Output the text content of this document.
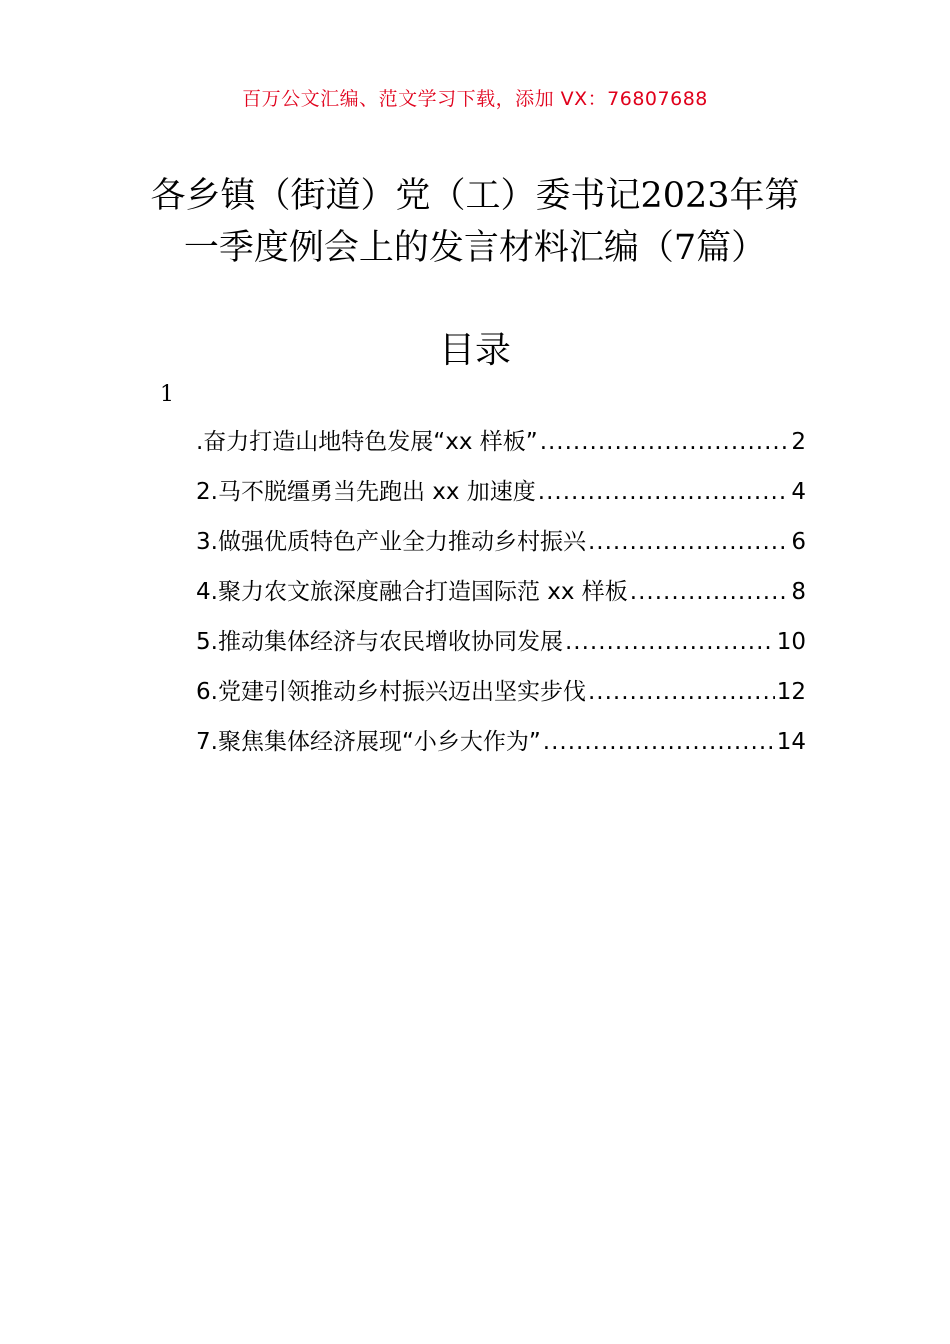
百万公文汇编、范文学习下载，添加 VX：76807688
各乡镇（街道）党（工）委书记2023年第
一季度例会上的发言材料汇编（7篇）
目录
1
.奋力打造山地特色发展“xx 样板” .....	2
2.马不脱缰勇当先跑出 xx 加速度 .....	4
3.做强优质特色产业全力推动乡村振兴 .....	6
4.聚力农文旅深度融合打造国际范 xx 样板 .....	8
5.推动集体经济与农民增收协同发展 .....	10
6.党建引领推动乡村振兴迈出坚实步伐 .....	12
7.聚焦集体经济展现“小乡大作为” .....	14
